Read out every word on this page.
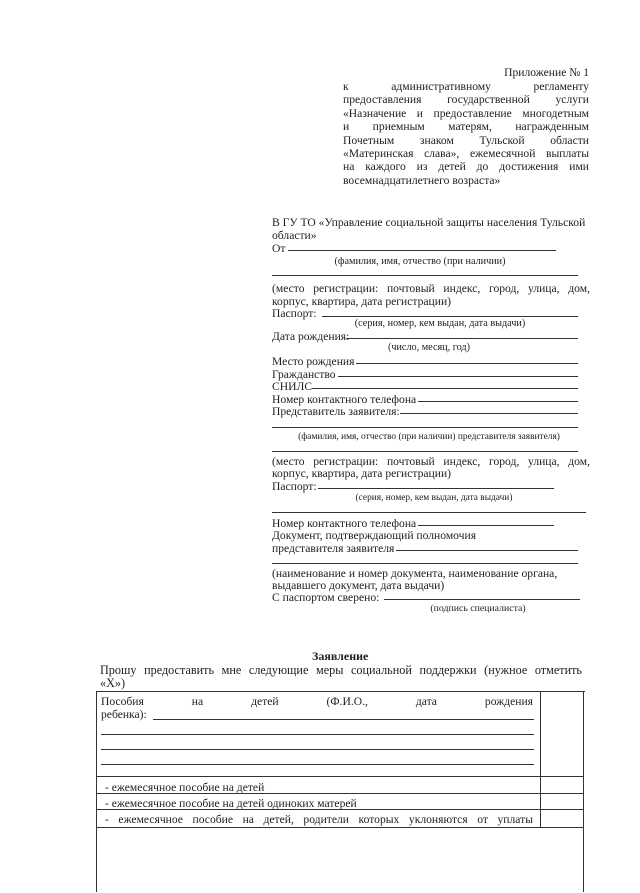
Приложение № 1
к административному регламенту
предоставления государственной услуги
«Назначение и предоставление многодетным
и приемным матерям, награжденным
Почетным знаком Тульской области
«Материнская слава», ежемесячной выплаты
на каждого из детей до достижения ими
восемнадцатилетнего возраста»
В ГУ ТО «Управление социальной защиты населения Тульской
области»
От
(фамилия, имя, отчество (при наличии)
(место регистрации: почтовый индекс, город, улица, дом,
корпус, квартира, дата регистрации)
Паспорт:
(серия, номер, кем выдан, дата выдачи)
Дата рождения:
(число, месяц, год)
Место рождения
Гражданство
СНИЛС
Номер контактного телефона
Представитель заявителя:
(фамилия, имя, отчество (при наличии) представителя заявителя)
(место регистрации: почтовый индекс, город, улица, дом,
корпус, квартира, дата регистрации)
Паспорт:
(серия, номер, кем выдан, дата выдачи)
Номер контактного телефона
Документ, подтверждающий полномочия
представителя заявителя
(наименование и номер документа, наименование органа,
выдавшего документ, дата выдачи)
С паспортом сверено:
(подпись специалиста)
Заявление
Прошу предоставить мне следующие меры социальной поддержки (нужное отметить
«Х»)
Пособия на детей (Ф.И.О., дата рождения
ребенка):
- ежемесячное пособие на детей
- ежемесячное пособие на детей одиноких матерей
- ежемесячное пособие на детей, родители которых уклоняются от уплаты
